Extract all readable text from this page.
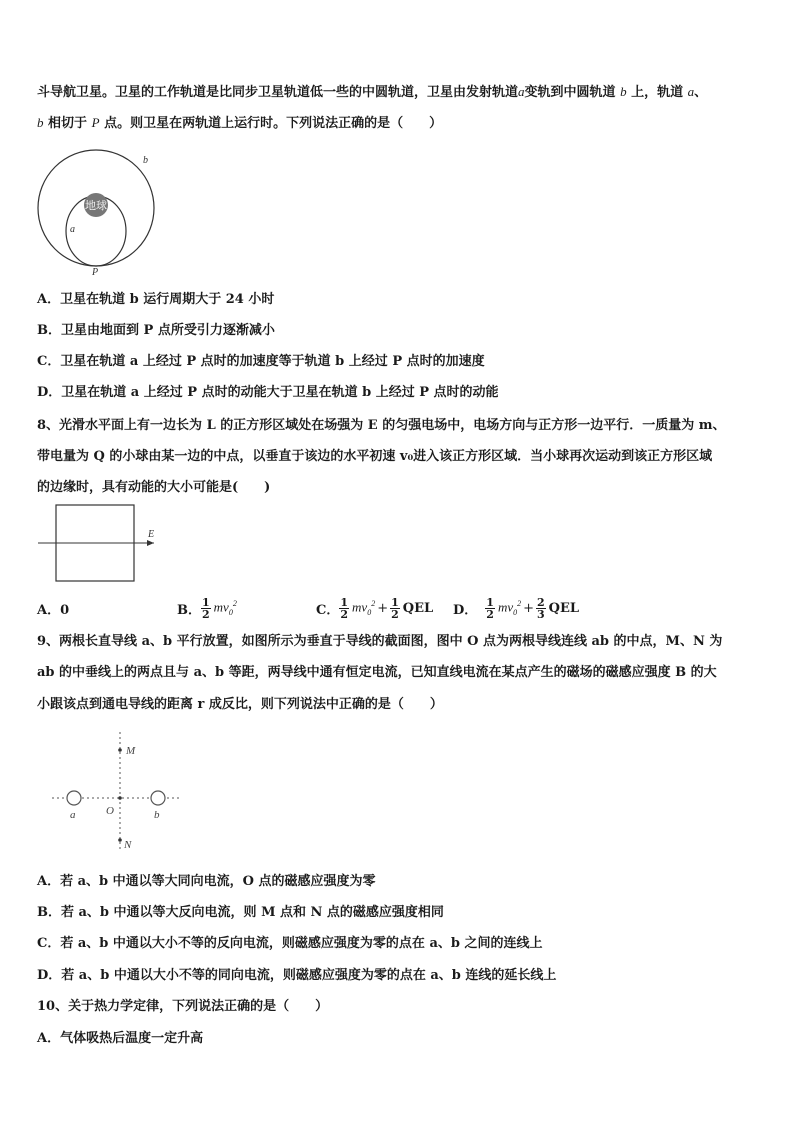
斗导航卫星。卫星的工作轨道是比同步卫星轨道低一些的中圆轨道，卫星由发射轨道a变轨到中圆轨道 b 上，轨道 a、
b 相切于 P 点。则卫星在两轨道上运行时。下列说法正确的是（　　）
地球
b
a
P
A．卫星在轨道 b 运行周期大于 24 小时
B．卫星由地面到 P 点所受引力逐渐减小
C．卫星在轨道 a 上经过 P 点时的加速度等于轨道 b 上经过 P 点时的加速度
D．卫星在轨道 a 上经过 P 点时的动能大于卫星在轨道 b 上经过 P 点时的动能
8、光滑水平面上有一边长为 L 的正方形区域处在场强为 E 的匀强电场中，电场方向与正方形一边平行．一质量为 m、
带电量为 Q 的小球由某一边的中点，以垂直于该边的水平初速 v₀进入该正方形区域．当小球再次运动到该正方形区域
的边缘时，具有动能的大小可能是(　　)
E
A．0	B． $\frac{1}{2} mv_0^2$	C． $\frac{1}{2} mv_0^2 + \frac{1}{2}$ QEL D． $\frac{1}{2} mv_0^2 + \frac{2}{3}$ QEL
9、两根长直导线 a、b 平行放置，如图所示为垂直于导线的截面图，图中 O 点为两根导线连线 ab 的中点，M、N 为
ab 的中垂线上的两点且与 a、b 等距，两导线中通有恒定电流，已知直线电流在某点产生的磁场的磁感应强度 B 的大
小跟该点到通电导线的距离 r 成反比，则下列说法中正确的是（　　）
M
N
O
a	b
A．若 a、b 中通以等大同向电流，O 点的磁感应强度为零
B．若 a、b 中通以等大反向电流，则 M 点和 N 点的磁感应强度相同
C．若 a、b 中通以大小不等的反向电流，则磁感应强度为零的点在 a、b 之间的连线上
D．若 a、b 中通以大小不等的同向电流，则磁感应强度为零的点在 a、b 连线的延长线上
10、关于热力学定律，下列说法正确的是（　　）
A．气体吸热后温度一定升高
